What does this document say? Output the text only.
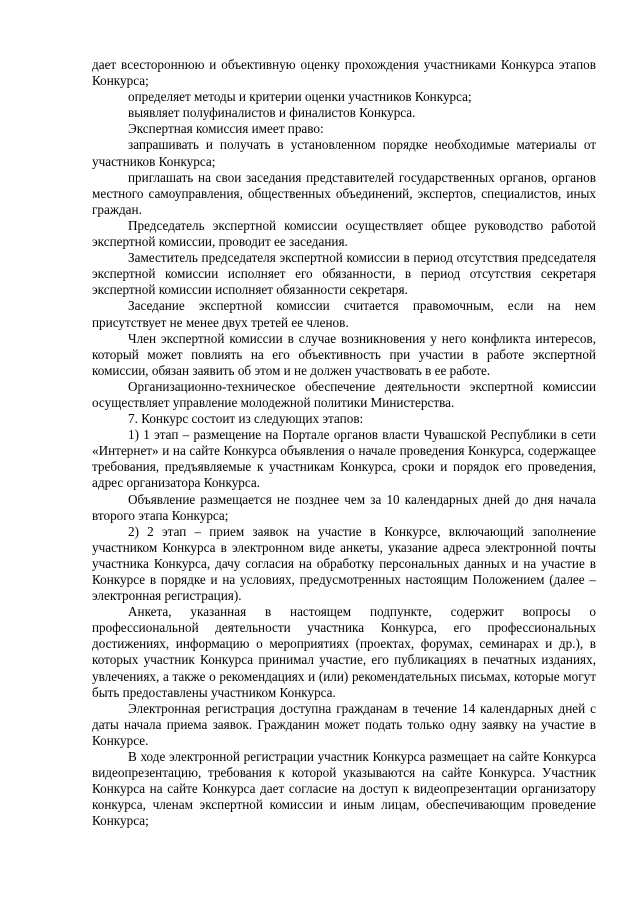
дает всестороннюю и объективную оценку прохождения участниками Конкурса этапов Конкурса;

определяет методы и критерии оценки участников Конкурса;

выявляет полуфиналистов и финалистов Конкурса.

Экспертная комиссия имеет право:

запрашивать и получать в установленном порядке необходимые материалы от участников Конкурса;

приглашать на свои заседания представителей государственных органов, органов местного самоуправления, общественных объединений, экспертов, специалистов, иных граждан.

Председатель экспертной комиссии осуществляет общее руководство работой экспертной комиссии, проводит ее заседания.

Заместитель председателя экспертной комиссии в период отсутствия председателя экспертной комиссии исполняет его обязанности, в период отсутствия секретаря экспертной комиссии исполняет обязанности секретаря.

Заседание экспертной комиссии считается правомочным, если на нем присутствует не менее двух третей ее членов.

Член экспертной комиссии в случае возникновения у него конфликта интересов, который может повлиять на его объективность при участии в работе экспертной комиссии, обязан заявить об этом и не должен участвовать в ее работе.

Организационно-техническое обеспечение деятельности экспертной комиссии осуществляет управление молодежной политики Министерства.

7. Конкурс состоит из следующих этапов:

1) 1 этап – размещение на Портале органов власти Чувашской Республики в сети «Интернет» и на сайте Конкурса объявления о начале проведения Конкурса, содержащее требования, предъявляемые к участникам Конкурса, сроки и порядок его проведения, адрес организатора Конкурса.

Объявление размещается не позднее чем за 10 календарных дней до дня начала второго этапа Конкурса;

2) 2 этап – прием заявок на участие в Конкурсе, включающий заполнение участником Конкурса в электронном виде анкеты, указание адреса электронной почты участника Конкурса, дачу согласия на обработку персональных данных и на участие в Конкурсе в порядке и на условиях, предусмотренных настоящим Положением (далее – электронная регистрация).

Анкета, указанная в настоящем подпункте, содержит вопросы о профессиональной деятельности участника Конкурса, его профессиональных достижениях, информацию о мероприятиях (проектах, форумах, семинарах и др.), в которых участник Конкурса принимал участие, его публикациях в печатных изданиях, увлечениях, а также о рекомендациях и (или) рекомендательных письмах, которые могут быть предоставлены участником Конкурса.

Электронная регистрация доступна гражданам в течение 14 календарных дней с даты начала приема заявок. Гражданин может подать только одну заявку на участие в Конкурсе.

В ходе электронной регистрации участник Конкурса размещает на сайте Конкурса видеопрезентацию, требования к которой указываются на сайте Конкурса. Участник Конкурса на сайте Конкурса дает согласие на доступ к видеопрезентации организатору конкурса, членам экспертной комиссии и иным лицам, обеспечивающим проведение Конкурса;
